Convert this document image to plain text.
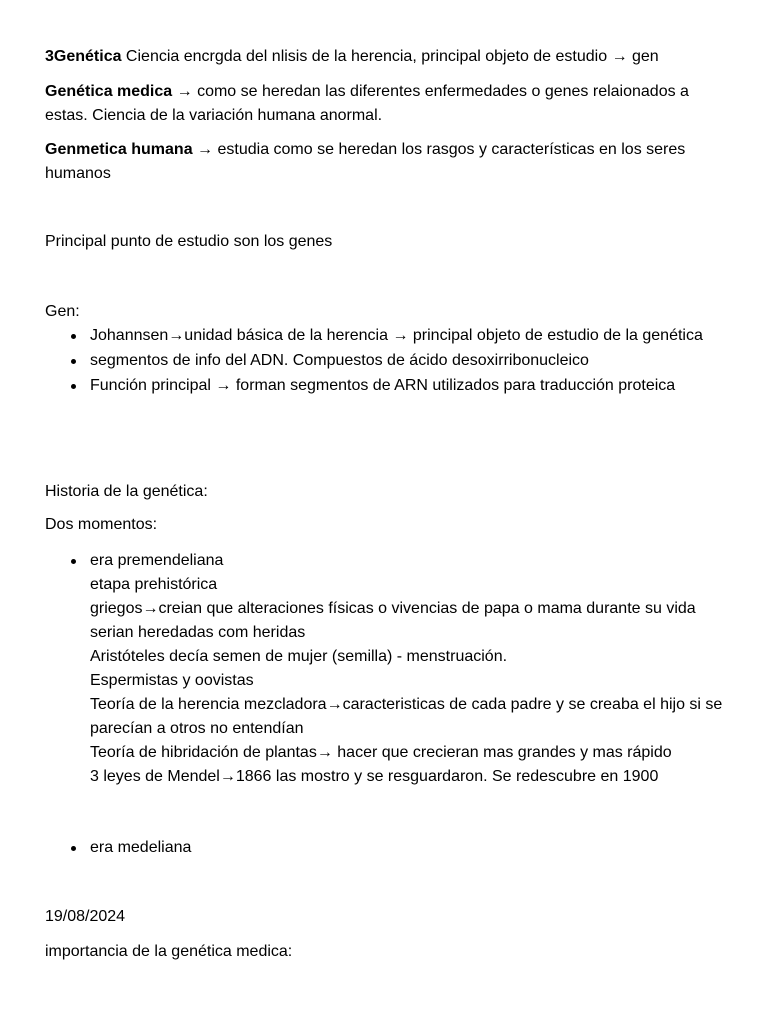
3Genética Ciencia encrgda del nlisis de la herencia, principal objeto de estudio → gen

Genética medica → como se heredan las diferentes enfermedades o genes relaionados a estas. Ciencia de la variación humana anormal.

Genmetica humana → estudia como se heredan los rasgos y características en los seres humanos

Principal punto de estudio son los genes

Gen:

Johannsen→unidad básica de la herencia → principal objeto de estudio de la genética
segmentos de info del ADN. Compuestos de ácido desoxirribonucleico
Función principal → forman segmentos de ARN utilizados para traducción proteica

Historia de la genética:

Dos momentos:

era premendeliana
etapa prehistórica
griegos→creian que alteraciones físicas o vivencias de papa o mama durante su vida serian heredadas com heridas
Aristóteles decía semen de mujer (semilla) - menstruación.
Espermistas y oovistas
Teoría de la herencia mezcladora→caracteristicas de cada padre y se creaba el hijo si se parecían a otros no entendían
Teoría de hibridación de plantas→ hacer que crecieran mas grandes y mas rápido
3 leyes de Mendel→1866 las mostro y se resguardaron. Se redescubre en 1900
era medeliana

19/08/2024

importancia de la genética medica:
